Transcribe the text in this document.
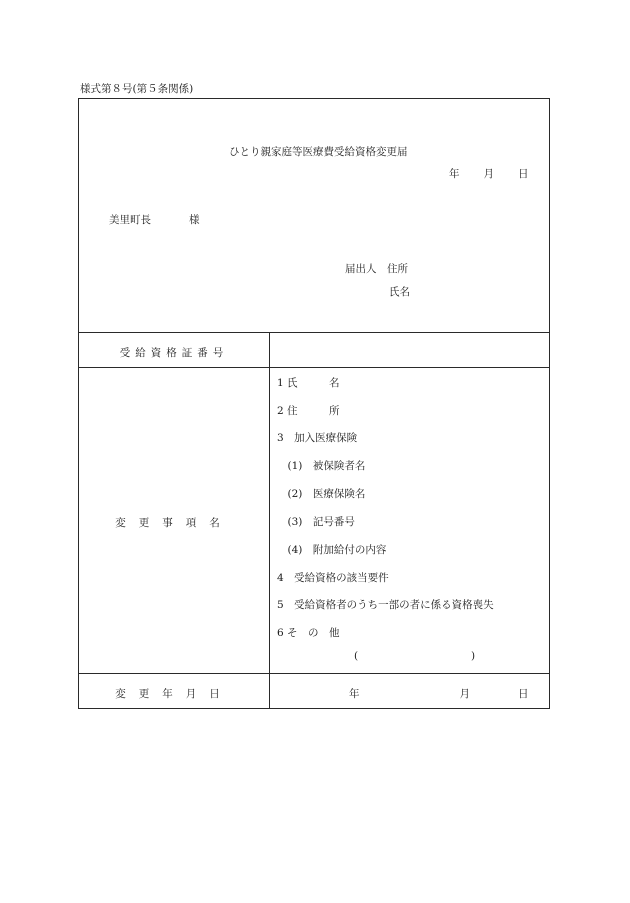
様式第８号(第５条関係)
ひとり親家庭等医療費受給資格変更届
年 月 日
美里町長	様
届出人　住所
氏名
受給資格証番号
変更事項名
1 氏　　　名
2 住　　　所
3　加入医療保険
　(1)　被保険者名
　(2)　医療保険名
　(3)　記号番号
　(4)　附加給付の内容
4　受給資格の該当要件
5　受給資格者のうち一部の者に係る資格喪失
6 そ　の　他
(	)
変更年月日	年	月	日
